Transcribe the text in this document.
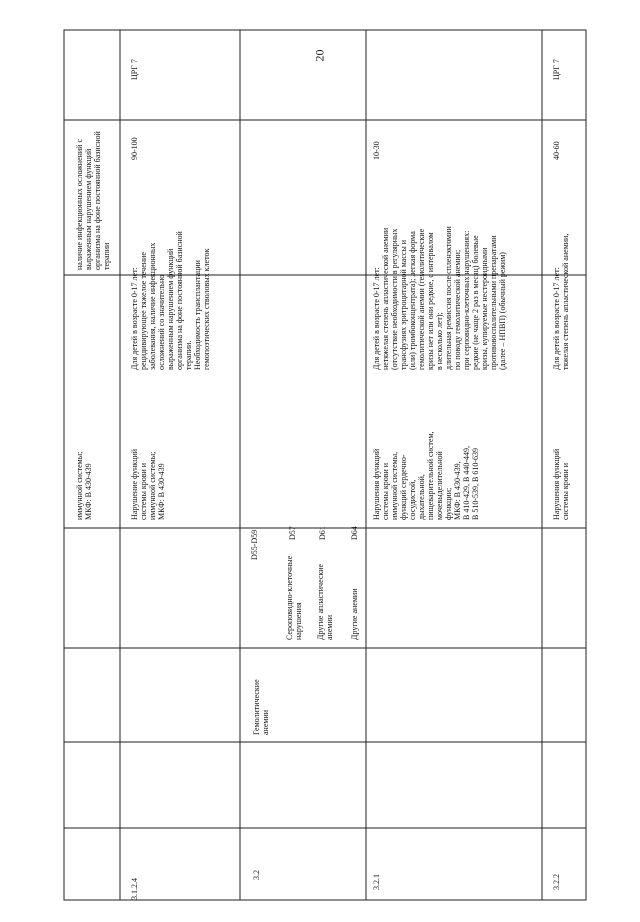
20
3.1.2.4
иммунной системы;
МКФ: B 430-439
наличие инфекционных осложнений с
выраженным нарушением функций
организма на фоне постоянной базисной
терапии
Нарушение функций
системы крови и
иммунной системы;
МКФ: B 430-439
Для детей в возрасте 0-17 лет:
рецидивирующее тяжелое течение
заболевания, наличие инфекционных
осложнений со значительно
выраженным нарушением функций
организма на фоне постоянной базисной
терапии.
Необходимость трансплантации
гемопоэтических стволовых клеток
90-100
ЦРГ 7
3.2
Гемолитические
анемии
D55-D59
Сероповидно-клеточные
нарушения
D57
Другие апластические
анемии
D61
Другие анемии
D64
3.2.1
Нарушения функций
системы крови и
иммунной системы,
функций сердечно-
сосудистой,
дыхательной,
пищеварительной систем,
мочевыделительной
функции;
МКФ: B 430-439,
B 410-429, B 440-449,
B 510-539, B 610-639
Для детей в возрасте 0-17 лет:
нетяжелая степень апластической анемии
(отсутствие необходимости в регулярных
трансфузиях эритроцитарной массы и
(или) тромбоконцентрата); легкая форма
гемолитической анемии (гемолитические
кризы нет или они редкие, с интервалом
в несколько лет);
длительная ремиссия после спленэктомии
по поводу гемолитической анемии;
при серповидно-клеточных нарушениях:
редкие (не чаще 2 раз в месяц) болевые
кризы, купируемые нестероидными
противовоспалительными препаратами
(далее – НПВП) (обычный режим)
10-30
3.2.2
Нарушения функций
системы крови и
Для детей в возрасте 0-17 лет:
тяжелая степень апластической анемии,
40-60
ЦРГ 7
